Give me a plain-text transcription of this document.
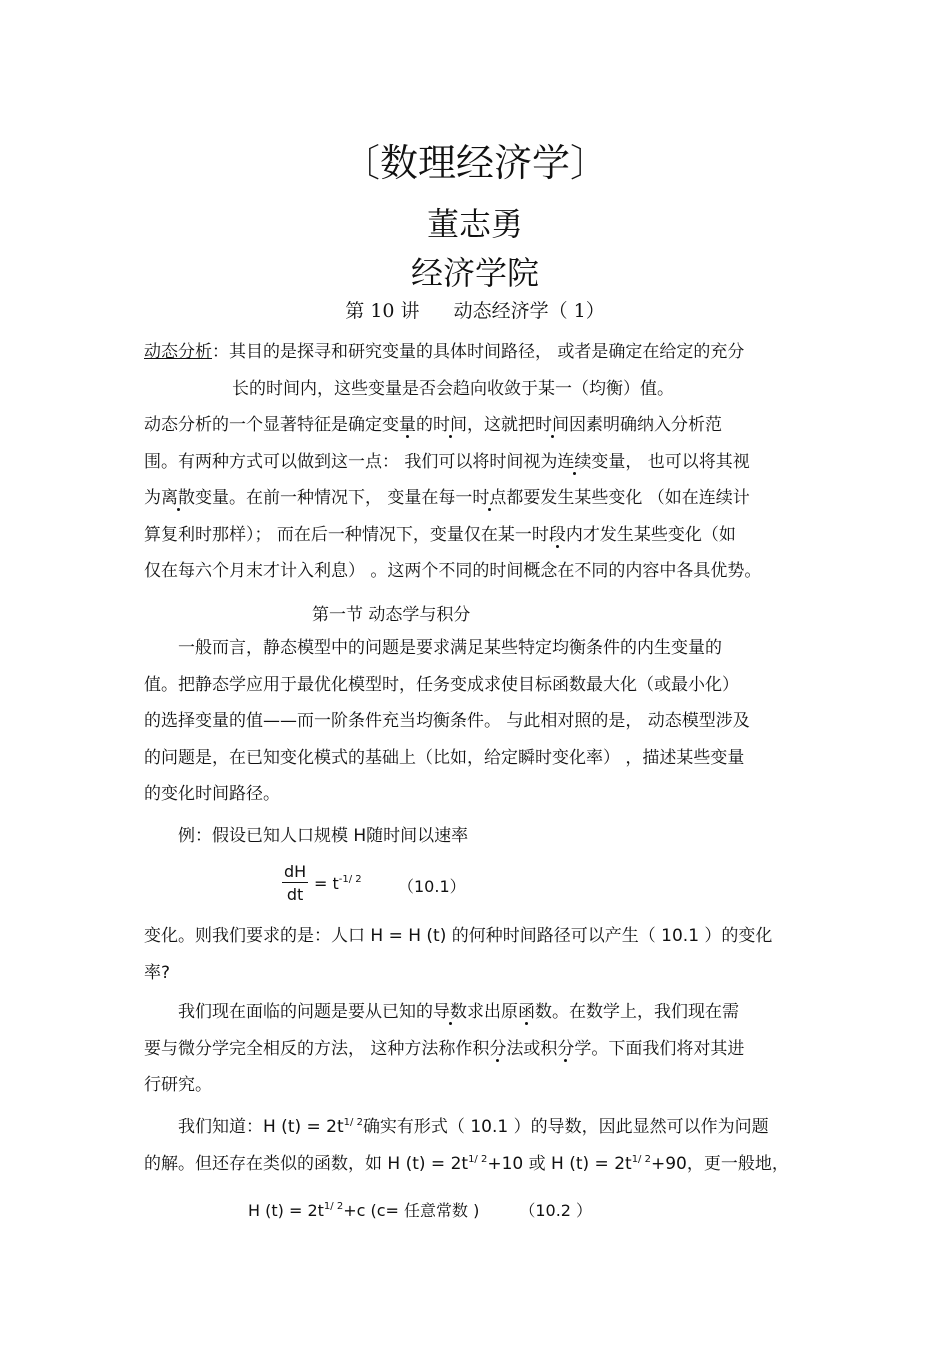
〔数理经济学〕
董志勇
经济学院
第 10 讲 动态经济学（ 1）
动态分析：其目的是探寻和研究变量的具体时间路径， 或者是确定在给定的充分
长的时间内，这些变量是否会趋向收敛于某一（均衡）值。
动态分析的一个显著特征是确定变量的时间，这就把时间因素明确纳入分析范
围。有两种方式可以做到这一点： 我们可以将时间视为连续变量， 也可以将其视
为离散变量。在前一种情况下， 变量在每一时点都要发生某些变化 （如在连续计
算复利时那样）； 而在后一种情况下，变量仅在某一时段内才发生某些变化（如
仅在每六个月末才计入利息） 。这两个不同的时间概念在不同的内容中各具优势。
第一节 动态学与积分
一般而言，静态模型中的问题是要求满足某些特定均衡条件的内生变量的
值。把静态学应用于最优化模型时，任务变成求使目标函数最大化（或最小化）
的选择变量的值——而一阶条件充当均衡条件。 与此相对照的是， 动态模型涉及
的问题是，在已知变化模式的基础上（比如，给定瞬时变化率） ，描述某些变量
的变化时间路径。
例：假设已知人口规模 H随时间以速率
$\frac{dH}{dt} = t^{-1/ 2}$ （10.1）
变化。则我们要求的是：人口 H = H (t) 的何种时间路径可以产生（ 10.1 ）的变化
率?
我们现在面临的问题是要从已知的导数求出原函数。在数学上，我们现在需
要与微分学完全相反的方法， 这种方法称作积分法或积分学。下面我们将对其进
行研究。
我们知道：H $(t) = 2t^{1/ 2}$确实有形式（ 10.1 ）的导数，因此显然可以作为问题
的解。但还存在类似的函数，如 H $(t) = 2t^{1/ 2}+10$ 或 H $(t) = 2t^{1/ 2}+90$，更一般地，
H $(t) = 2t^{1/ 2}+c$ (c= 任意常数 )	（10.2 ）
